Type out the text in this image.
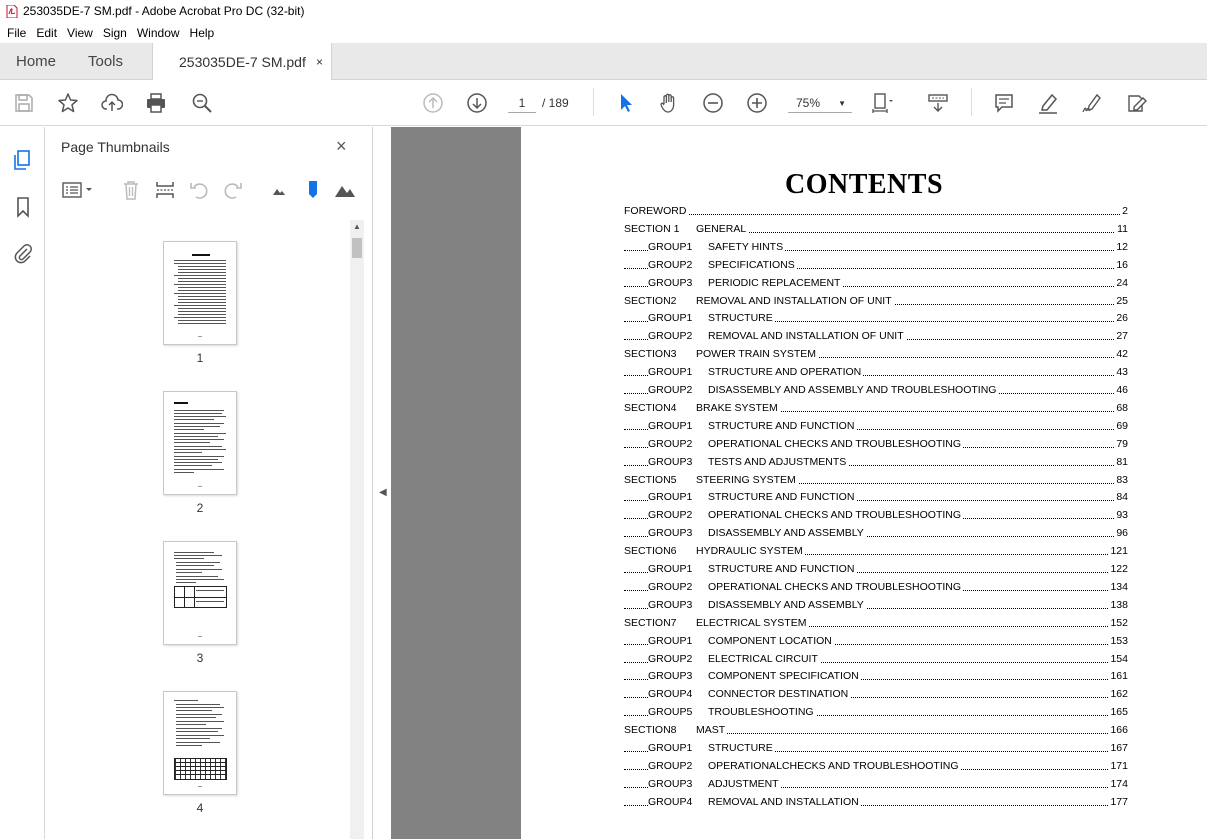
253035DE-7 SM.pdf - Adobe Acrobat Pro DC (32-bit)
File Edit View Sign Window Help
Home Tools	253035DE-7 SM.pdf ×
1
/ 189	75% ▼
Page Thumbnails	×
▲
1
2
3
4
◀
CONTENTS
FOREWORD	2
SECTION 1 GENERAL	11
GROUP1 SAFETY HINTS	12
GROUP2 SPECIFICATIONS	16
GROUP3 PERIODIC REPLACEMENT	24
SECTION2 REMOVAL AND INSTALLATION OF UNIT	25
GROUP1 STRUCTURE	26
GROUP2 REMOVAL AND INSTALLATION OF UNIT	27
SECTION3 POWER TRAIN SYSTEM	42
GROUP1 STRUCTURE AND OPERATION	43
GROUP2 DISASSEMBLY AND ASSEMBLY AND TROUBLESHOOTING	46
SECTION4 BRAKE SYSTEM	68
GROUP1 STRUCTURE AND FUNCTION	69
GROUP2 OPERATIONAL CHECKS AND TROUBLESHOOTING	79
GROUP3 TESTS AND ADJUSTMENTS	81
SECTION5 STEERING SYSTEM	83
GROUP1 STRUCTURE AND FUNCTION	84
GROUP2 OPERATIONAL CHECKS AND TROUBLESHOOTING	93
GROUP3 DISASSEMBLY AND ASSEMBLY	96
SECTION6 HYDRAULIC SYSTEM	121
GROUP1 STRUCTURE AND FUNCTION	122
GROUP2 OPERATIONAL CHECKS AND TROUBLESHOOTING	134
GROUP3 DISASSEMBLY AND ASSEMBLY	138
SECTION7 ELECTRICAL SYSTEM	152
GROUP1 COMPONENT LOCATION	153
GROUP2 ELECTRICAL CIRCUIT	154
GROUP3 COMPONENT SPECIFICATION	161
GROUP4 CONNECTOR DESTINATION	162
GROUP5 TROUBLESHOOTING	165
SECTION8 MAST	166
GROUP1 STRUCTURE	167
GROUP2 OPERATIONALCHECKS AND TROUBLESHOOTING	171
GROUP3 ADJUSTMENT	174
GROUP4 REMOVAL AND INSTALLATION	177
